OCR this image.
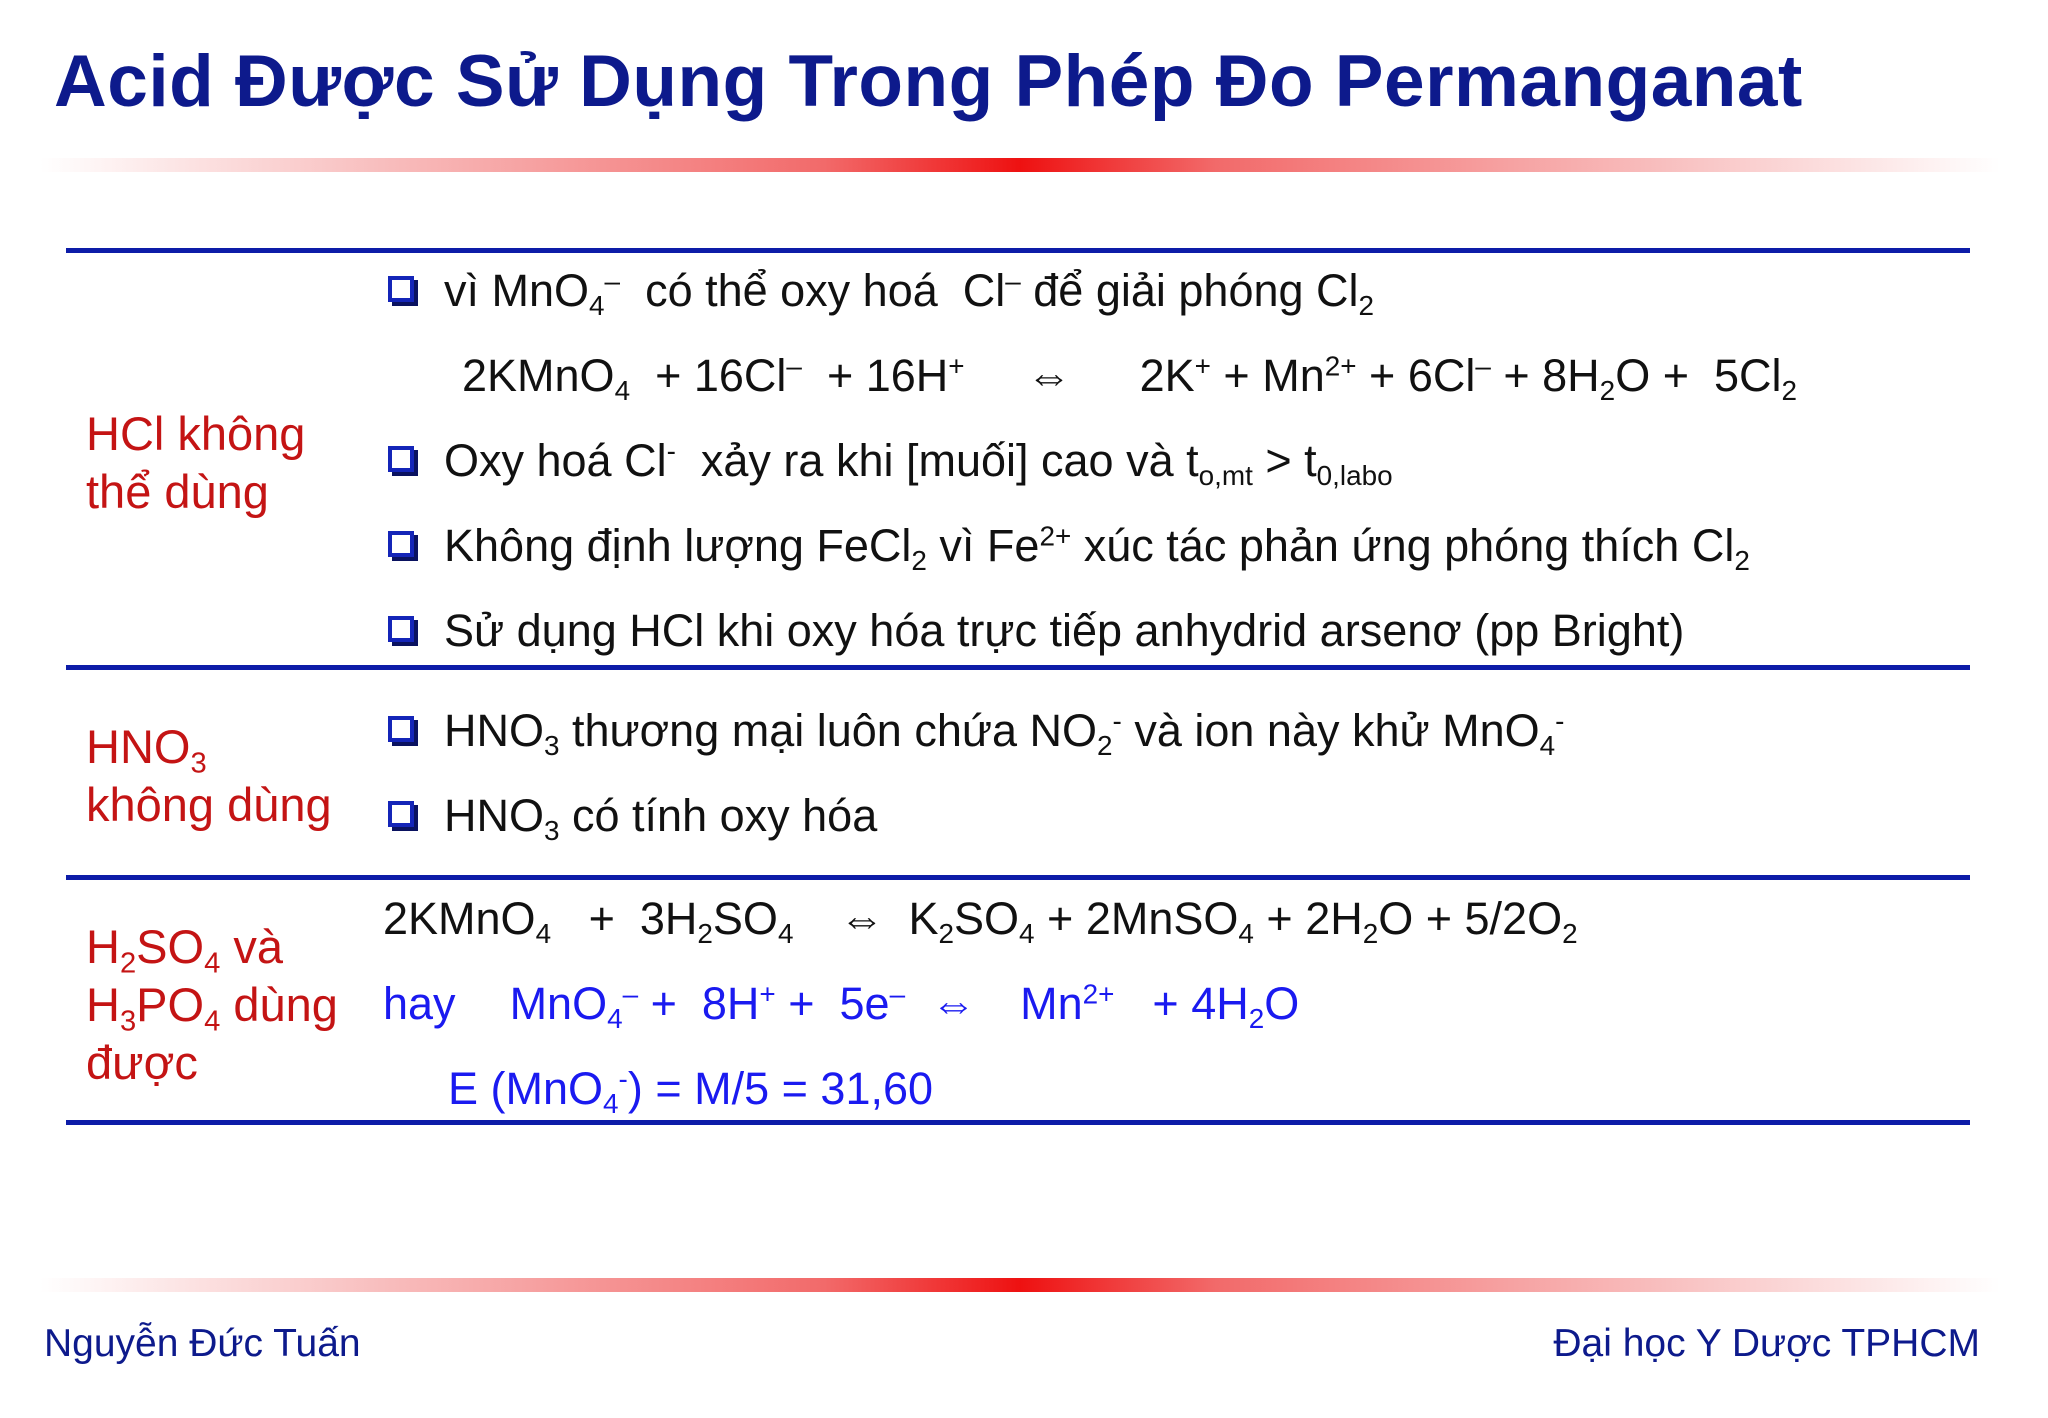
Acid Được Sử Dụng Trong Phép Đo Permanganat
HCl không
thể dùng
vì MnO$_4$–  có thể oxy hoá  Cl– để giải phóng $Cl_2$
2KMnO$_4$  + 16Cl–  + 16H+ ⇔ $2K^+ + Mn^{2+} + 6Cl^- + 8H_2O + 5Cl_2$
Oxy hoá Cl-  xảy ra khi [muối] cao và $t_{o,mt} > t_{0,labo}$
Không định lượng FeCl$_2$ vì $Fe^{2+}$ xúc tác phản ứng phóng thích $Cl_2$
Sử dụng HCl khi oxy hóa trực tiếp anhydrid arsenơ (pp Bright)
$HNO_3$
không dùng
$HNO_3$ thương mại luôn chứa $NO_2^-$ và ion này khử MnO$_4$-
$HNO_3$ có tính oxy hóa
$H_2SO_4$ và
$H_3PO_4$ dùng
được
2KMnO$_4$   +  $3H_2SO_4$ ⇔ $K_2SO_4$ + 2MnSO$_4$ + $2H_2O + 5/2O_2$
hay MnO$_4$– +  8H+ +  5e– ⇔ $Mn^{2+} + 4H_2O$
E (MnO$_4$-) = M/5 = 31,60
Nguyễn Đức Tuấn	Đại học Y Dược TPHCM
